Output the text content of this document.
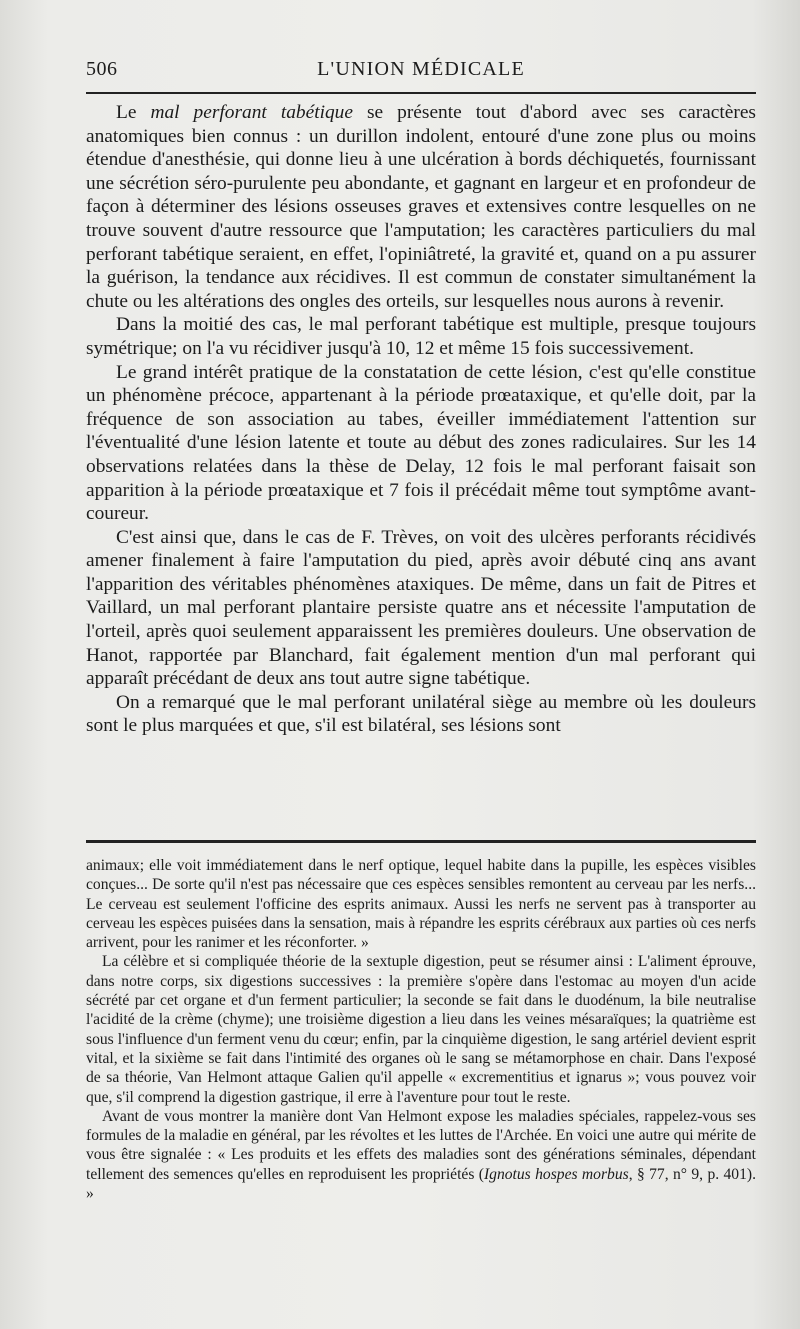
506	L'UNION MÉDICALE

Le mal perforant tabétique se présente tout d'abord avec ses caractères anatomiques bien connus : un durillon indolent, entouré d'une zone plus ou moins étendue d'anesthésie, qui donne lieu à une ulcération à bords déchiquetés, fournissant une sécrétion séro-purulente peu abondante, et gagnant en largeur et en profondeur de façon à déterminer des lésions osseuses graves et extensives contre lesquelles on ne trouve souvent d'autre ressource que l'amputation; les caractères particuliers du mal perforant tabétique seraient, en effet, l'opiniâtreté, la gravité et, quand on a pu assurer la guérison, la tendance aux récidives. Il est commun de constater simultanément la chute ou les altérations des ongles des orteils, sur lesquelles nous aurons à revenir.

Dans la moitié des cas, le mal perforant tabétique est multiple, presque toujours symétrique; on l'a vu récidiver jusqu'à 10, 12 et même 15 fois successivement.

Le grand intérêt pratique de la constatation de cette lésion, c'est qu'elle constitue un phénomène précoce, appartenant à la période prœataxique, et qu'elle doit, par la fréquence de son association au tabes, éveiller immédiatement l'attention sur l'éventualité d'une lésion latente et toute au début des zones radiculaires. Sur les 14 observations relatées dans la thèse de Delay, 12 fois le mal perforant faisait son apparition à la période prœataxique et 7 fois il précédait même tout symptôme avant-coureur.

C'est ainsi que, dans le cas de F. Trèves, on voit des ulcères perforants récidivés amener finalement à faire l'amputation du pied, après avoir débuté cinq ans avant l'apparition des véritables phénomènes ataxiques. De même, dans un fait de Pitres et Vaillard, un mal perforant plantaire persiste quatre ans et nécessite l'amputation de l'orteil, après quoi seulement apparaissent les premières douleurs. Une observation de Hanot, rapportée par Blanchard, fait également mention d'un mal perforant qui apparaît précédant de deux ans tout autre signe tabétique.

On a remarqué que le mal perforant unilatéral siège au membre où les douleurs sont le plus marquées et que, s'il est bilatéral, ses lésions sont

animaux; elle voit immédiatement dans le nerf optique, lequel habite dans la pupille, les espèces visibles conçues... De sorte qu'il n'est pas nécessaire que ces espèces sensibles remontent au cerveau par les nerfs... Le cerveau est seulement l'officine des esprits animaux. Aussi les nerfs ne servent pas à transporter au cerveau les espèces puisées dans la sensation, mais à répandre les esprits cérébraux aux parties où ces nerfs arrivent, pour les ranimer et les réconforter. »

La célèbre et si compliquée théorie de la sextuple digestion, peut se résumer ainsi : L'aliment éprouve, dans notre corps, six digestions successives : la première s'opère dans l'estomac au moyen d'un acide sécrété par cet organe et d'un ferment particulier; la seconde se fait dans le duodénum, la bile neutralise l'acidité de la crème (chyme); une troisième digestion a lieu dans les veines mésaraïques; la quatrième est sous l'influence d'un ferment venu du cœur; enfin, par la cinquième digestion, le sang artériel devient esprit vital, et la sixième se fait dans l'intimité des organes où le sang se métamorphose en chair. Dans l'exposé de sa théorie, Van Helmont attaque Galien qu'il appelle « excrementitius et ignarus »; vous pouvez voir que, s'il comprend la digestion gastrique, il erre à l'aventure pour tout le reste.

Avant de vous montrer la manière dont Van Helmont expose les maladies spéciales, rappelez-vous ses formules de la maladie en général, par les révoltes et les luttes de l'Archée. En voici une autre qui mérite de vous être signalée : « Les produits et les effets des maladies sont des générations séminales, dépendant tellement des semences qu'elles en reproduisent les propriétés (Ignotus hospes morbus, § 77, n° 9, p. 401). »
